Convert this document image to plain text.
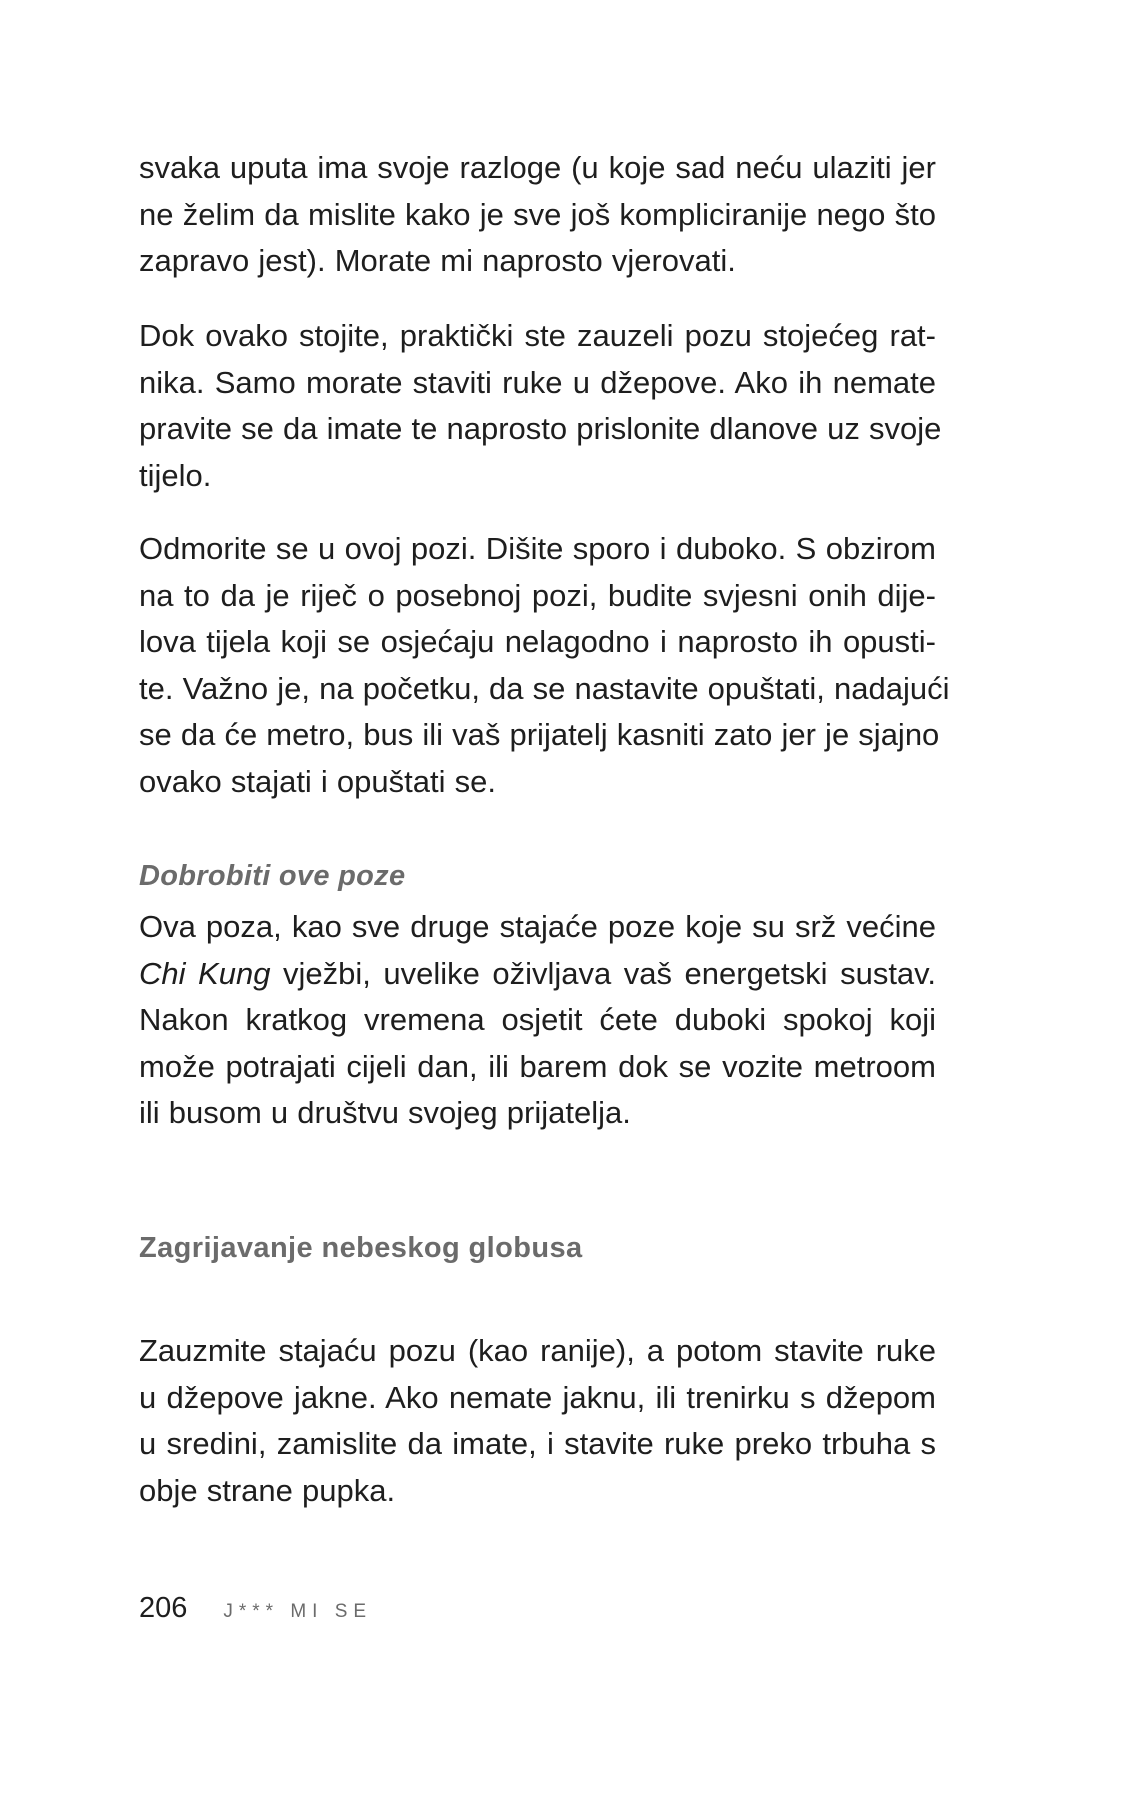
svaka uputa ima svoje razloge (u koje sad neću ulaziti jer
ne želim da mislite kako je sve još kompliciranije nego što
zapravo jest). Morate mi naprosto vjerovati.
Dok ovako stojite, praktički ste zauzeli pozu stojećeg rat-
nika. Samo morate staviti ruke u džepove. Ako ih nemate
pravite se da imate te naprosto prislonite dlanove uz svoje
tijelo.
Odmorite se u ovoj pozi. Dišite sporo i duboko. S obzirom
na to da je riječ o posebnoj pozi, budite svjesni onih dije-
lova tijela koji se osjećaju nelagodno i naprosto ih opusti-
te. Važno je, na početku, da se nastavite opuštati, nadajući
se da će metro, bus ili vaš prijatelj kasniti zato jer je sjajno
ovako stajati i opuštati se.
Dobrobiti ove poze
Ova poza, kao sve druge stajaće poze koje su srž većine
Chi Kung vježbi, uvelike oživljava vaš energetski sustav.
Nakon kratkog vremena osjetit ćete duboki spokoj koji
može potrajati cijeli dan, ili barem dok se vozite metroom
ili busom u društvu svojeg prijatelja.
Zagrijavanje nebeskog globusa
Zauzmite stajaću pozu (kao ranije), a potom stavite ruke
u džepove jakne. Ako nemate jaknu, ili trenirku s džepom
u sredini, zamislite da imate, i stavite ruke preko trbuha s
obje strane pupka.
206 J*** MI SE
